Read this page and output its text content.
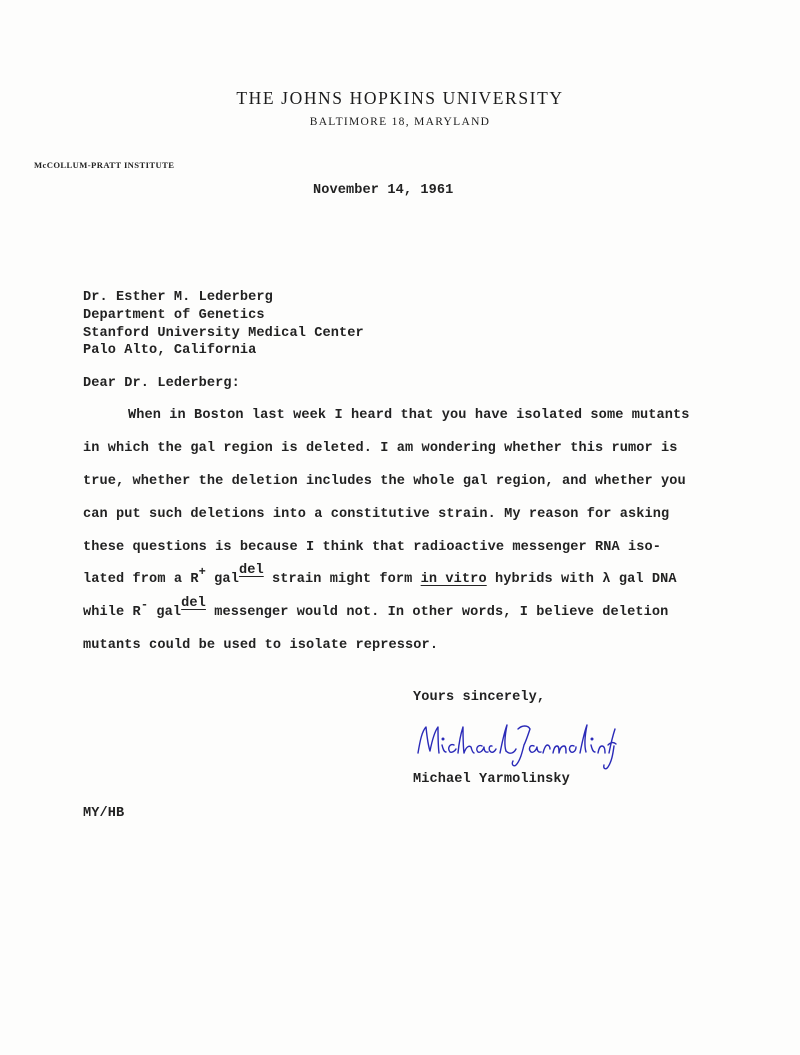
THE JOHNS HOPKINS UNIVERSITY
BALTIMORE 18, MARYLAND
McCOLLUM-PRATT INSTITUTE
November 14, 1961
Dr. Esther M. Lederberg
Department of Genetics
Stanford University Medical Center
Palo Alto, California
Dear Dr. Lederberg:
When in Boston last week I heard that you have isolated some mutants
in which the gal region is deleted. I am wondering whether this rumor is
true, whether the deletion includes the whole gal region, and whether you
can put such deletions into a constitutive strain. My reason for asking
these questions is because I think that radioactive messenger RNA iso-
lated from a R+ galdel strain might form in vitro hybrids with λ gal DNA
while R- galdel messenger would not. In other words, I believe deletion
mutants could be used to isolate repressor.
Yours sincerely,
Michael Yarmolinsky
MY/HB
